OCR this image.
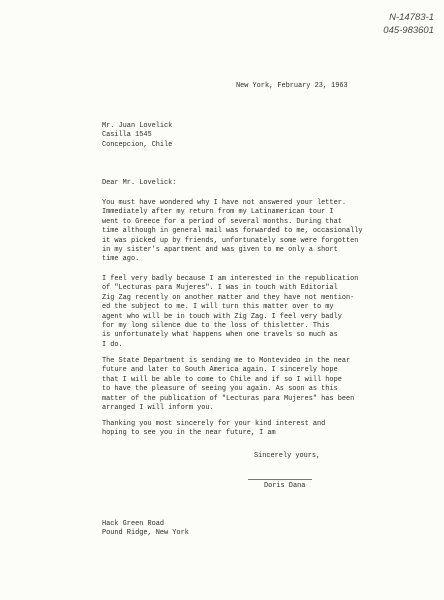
N-14783-1
045-983601
New York, February 23, 1963
Mr. Juan Lovelick
Casilla 1545
Concepcion, Chile
Dear Mr. Lovelick:
You must have wondered why I have not answered your letter.
Immediately after my return from my Latinamerican tour I
went to Greece for a period of several months. During that
time although in general mail was forwarded to me, occasionally
it was picked up by friends, unfortunately some were forgotten
in my sister's apartment and was given to me only a short
time ago.
I feel very badly because I am interested in the republication
of "Lecturas para Mujeres". I was in touch with Editorial
Zig Zag recently on another matter and they have not mention-
ed the subject to me. I will turn this matter over to my
agent who will be in touch with Zig Zag. I feel very badly
for my long silence due to the loss of thisletter. This
is unfortunately what happens when one travels so much as
I do.
The State Department is sending me to Montevideo in the near
future and later to South America again. I sincerely hope
that I will be able to come to Chile and if so I will hope
to have the pleasure of seeing you again. As soon as this
matter of the publication of "Lecturas para Mujeres" has been
arranged I will inform you.
Thanking you most sincerely for your kind interest and
hoping to see you in the near future, I am
Sincerely yours,
Doris Dana
Hack Green Road
Pound Ridge, New York
